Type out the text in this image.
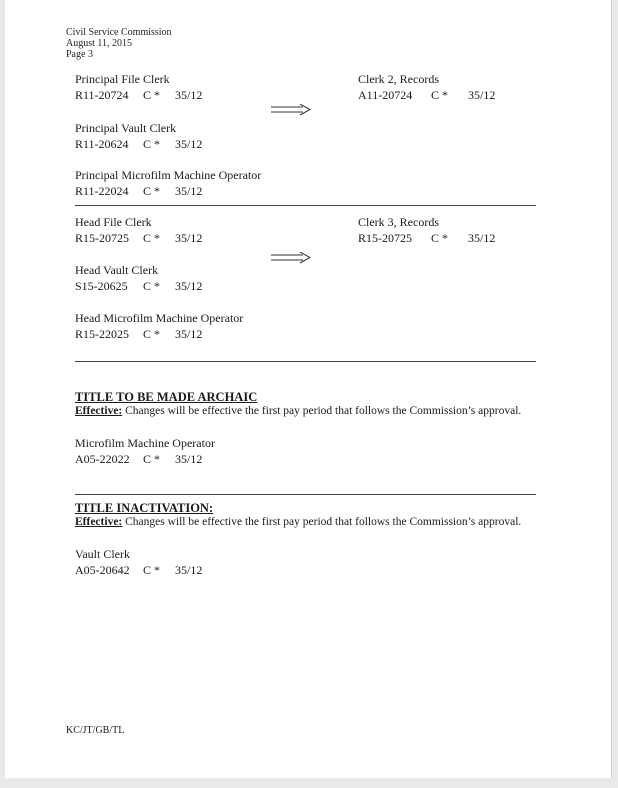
Civil Service Commission
August 11, 2015
Page 3
Principal File Clerk
R11-20724 C * 35/12
Principal Vault Clerk
R11-20624 C * 35/12
Principal Microfilm Machine Operator
R11-22024 C * 35/12
Clerk 2, Records
A11-20724 C * 35/12
Head File Clerk
R15-20725 C * 35/12
Head Vault Clerk
S15-20625 C * 35/12
Head Microfilm Machine Operator
R15-22025 C * 35/12
Clerk 3, Records
R15-20725 C * 35/12
TITLE TO BE MADE ARCHAIC
Effective: Changes will be effective the first pay period that follows the Commission’s approval.
Microfilm Machine Operator
A05-22022 C * 35/12
TITLE INACTIVATION:
Effective: Changes will be effective the first pay period that follows the Commission’s approval.
Vault Clerk
A05-20642 C * 35/12
KC/JT/GB/TL
